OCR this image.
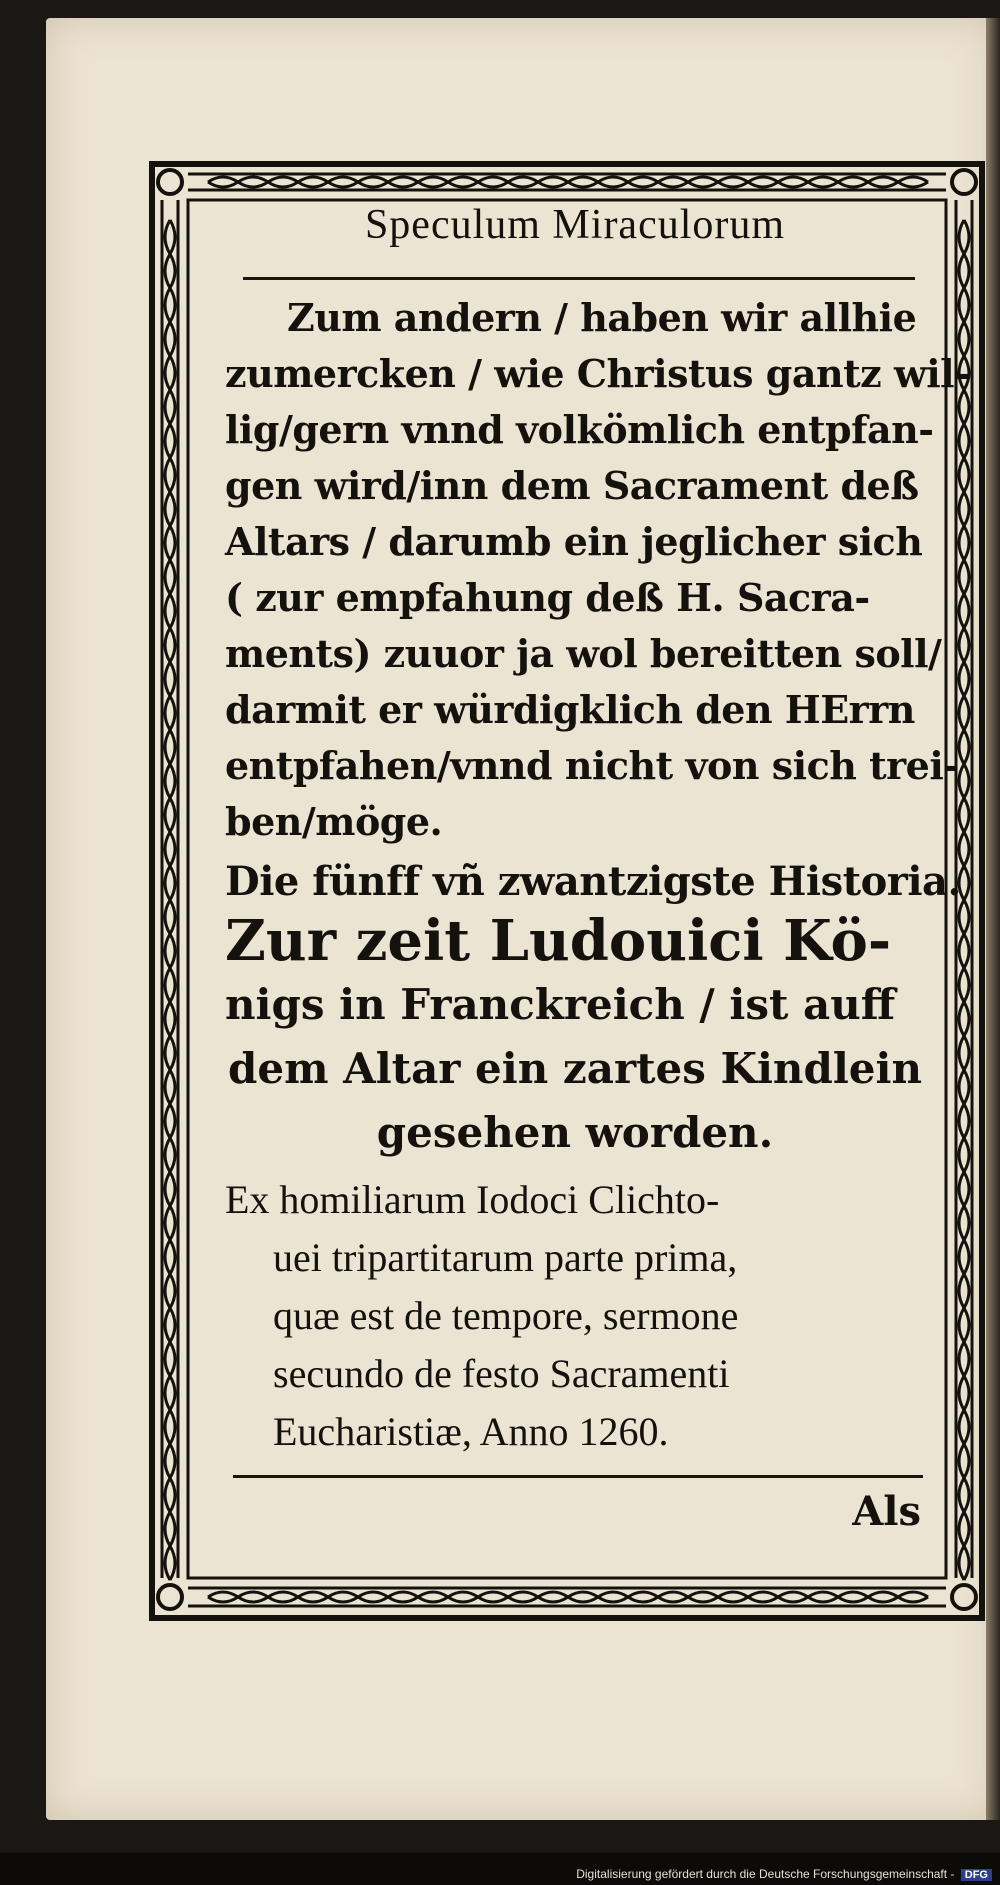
Speculum Miraculorum
Zum andern / haben wir allhie
zumercken / wie Christus gantz wil-
lig/gern vnnd volkömlich entpfan-
gen wird/inn dem Sacrament deß
Altars / darumb ein jeglicher sich
( zur empfahung deß H. Sacra-
ments) zuuor ja wol bereitten soll/
darmit er würdigklich den HErrn
entpfahen/vnnd nicht von sich trei-
ben/möge.
Die fünff vñ zwantzigste Historia.
Zur zeit Ludouici Kö-
nigs in Franckreich / ist auff
dem Altar ein zartes Kindlein
gesehen worden.
Ex homiliarum Iodoci Clichto-
uei tripartitarum parte prima,
quæ est de tempore, sermone
secundo de festo Sacramenti
Eucharistiæ, Anno 1260.
Als
Digitalisierung gefördert durch die Deutsche Forschungsgemeinschaft - DFG
